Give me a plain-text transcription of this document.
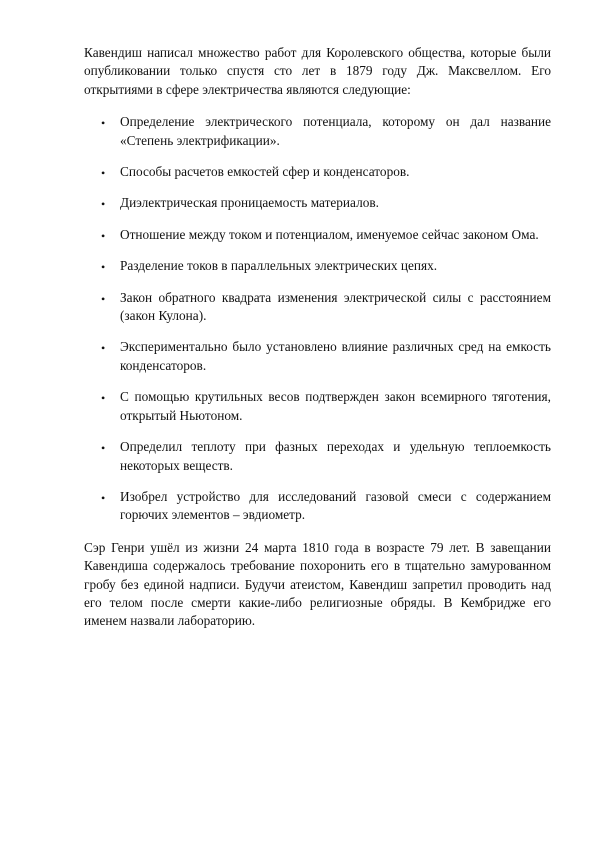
Кавендиш написал множество работ для Королевского общества, которые были опубликовании только спустя сто лет в 1879 году Дж. Максвеллом. Его открытиями в сфере электричества являются следующие:

• Определение электрического потенциала, которому он дал название «Степень электрификации».
• Способы расчетов емкостей сфер и конденсаторов.
• Диэлектрическая проницаемость материалов.
• Отношение между током и потенциалом, именуемое сейчас законом Ома.
• Разделение токов в параллельных электрических цепях.
• Закон обратного квадрата изменения электрической силы с расстоянием (закон Кулона).
• Экспериментально было установлено влияние различных сред на емкость конденсаторов.
• С помощью крутильных весов подтвержден закон всемирного тяготения, открытый Ньютоном.
• Определил теплоту при фазных переходах и удельную теплоемкость некоторых веществ.
• Изобрел устройство для исследований газовой смеси с содержанием горючих элементов – эвдиометр.

Сэр Генри ушёл из жизни 24 марта 1810 года в возрасте 79 лет. В завещании Кавендиша содержалось требование похоронить его в тщательно замурованном гробу без единой надписи. Будучи атеистом, Кавендиш запретил проводить над его телом после смерти какие-либо религиозные обряды. В Кембридже его именем назвали лабораторию.
